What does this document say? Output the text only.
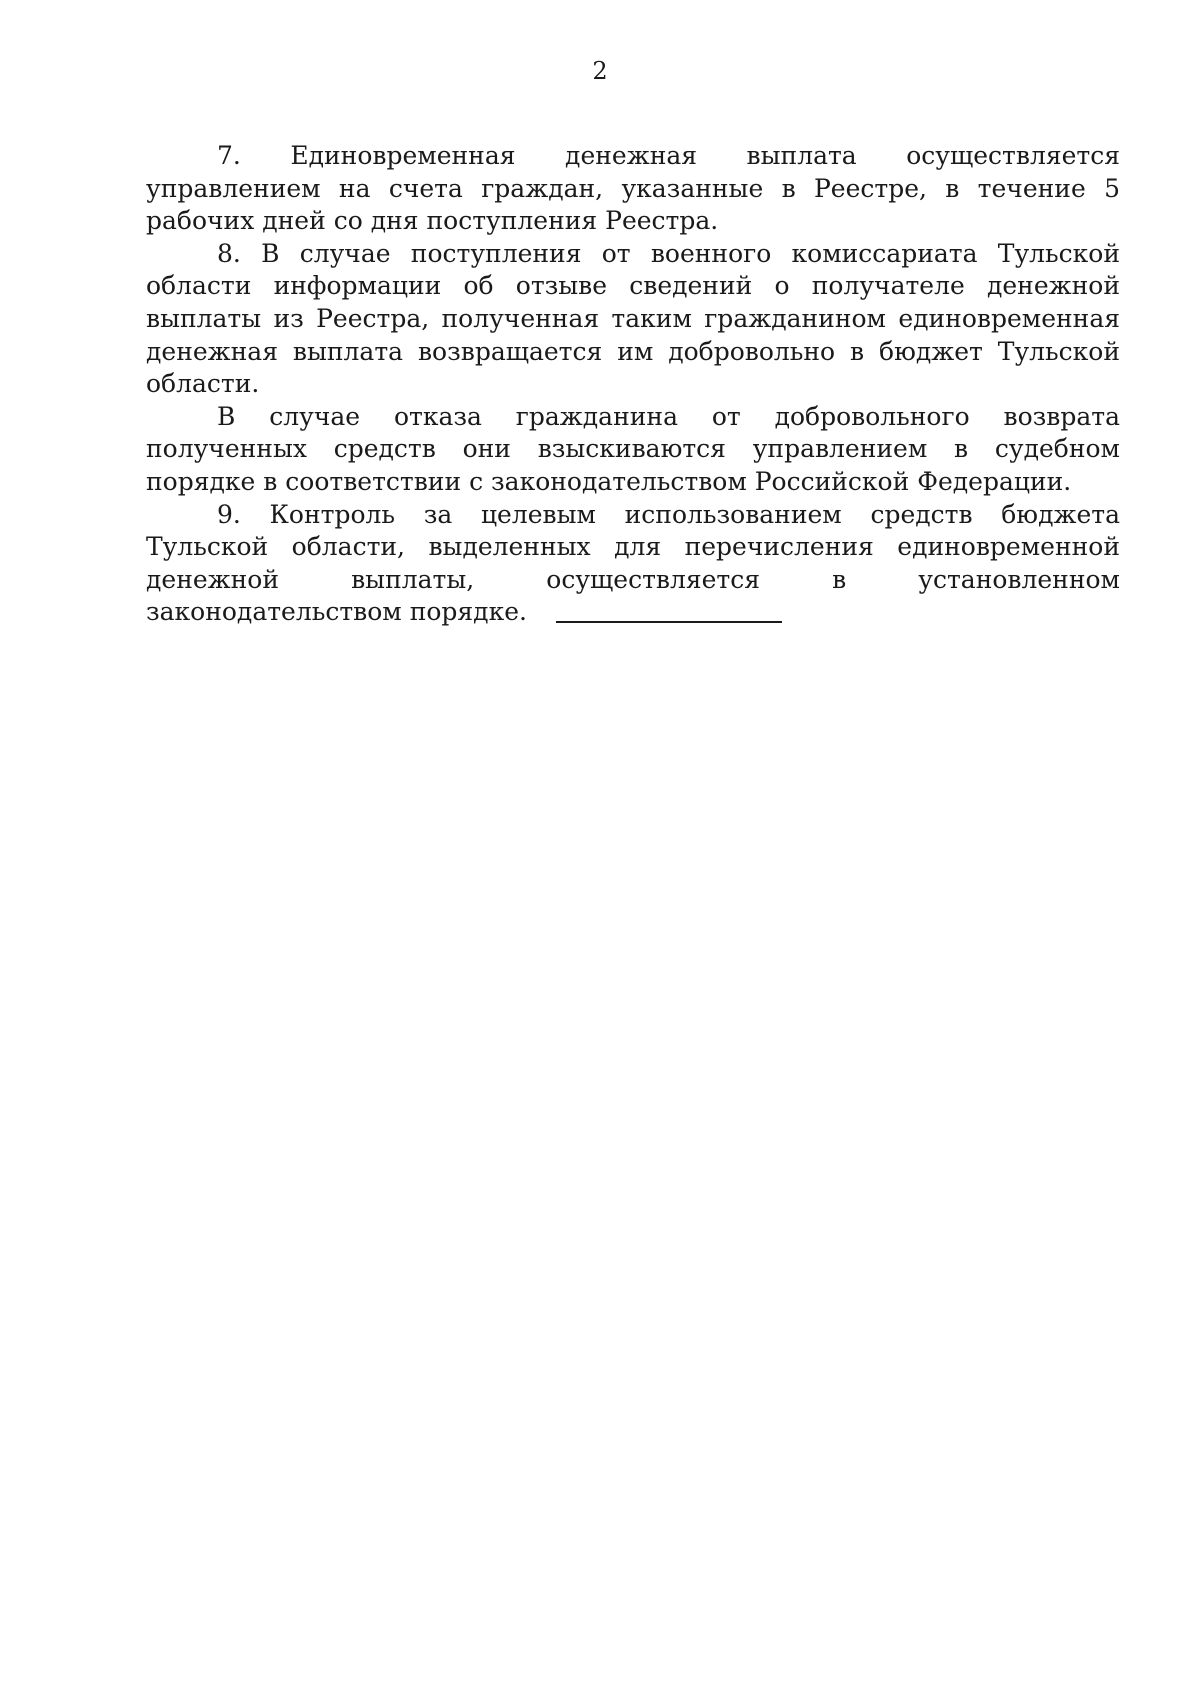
2

7. Единовременная денежная выплата осуществляется управлением на счета граждан, указанные в Реестре, в течение 5 рабочих дней со дня поступления Реестра.

8. В случае поступления от военного комиссариата Тульской области информации об отзыве сведений о получателе денежной выплаты из Реестра, полученная таким гражданином единовременная денежная выплата возвращается им добровольно в бюджет Тульской области.

В случае отказа гражданина от добровольного возврата полученных средств они взыскиваются управлением в судебном порядке в соответствии с законодательством Российской Федерации.

9. Контроль за целевым использованием средств бюджета Тульской области, выделенных для перечисления единовременной денежной выплаты, осуществляется в установленном законодательством порядке.
